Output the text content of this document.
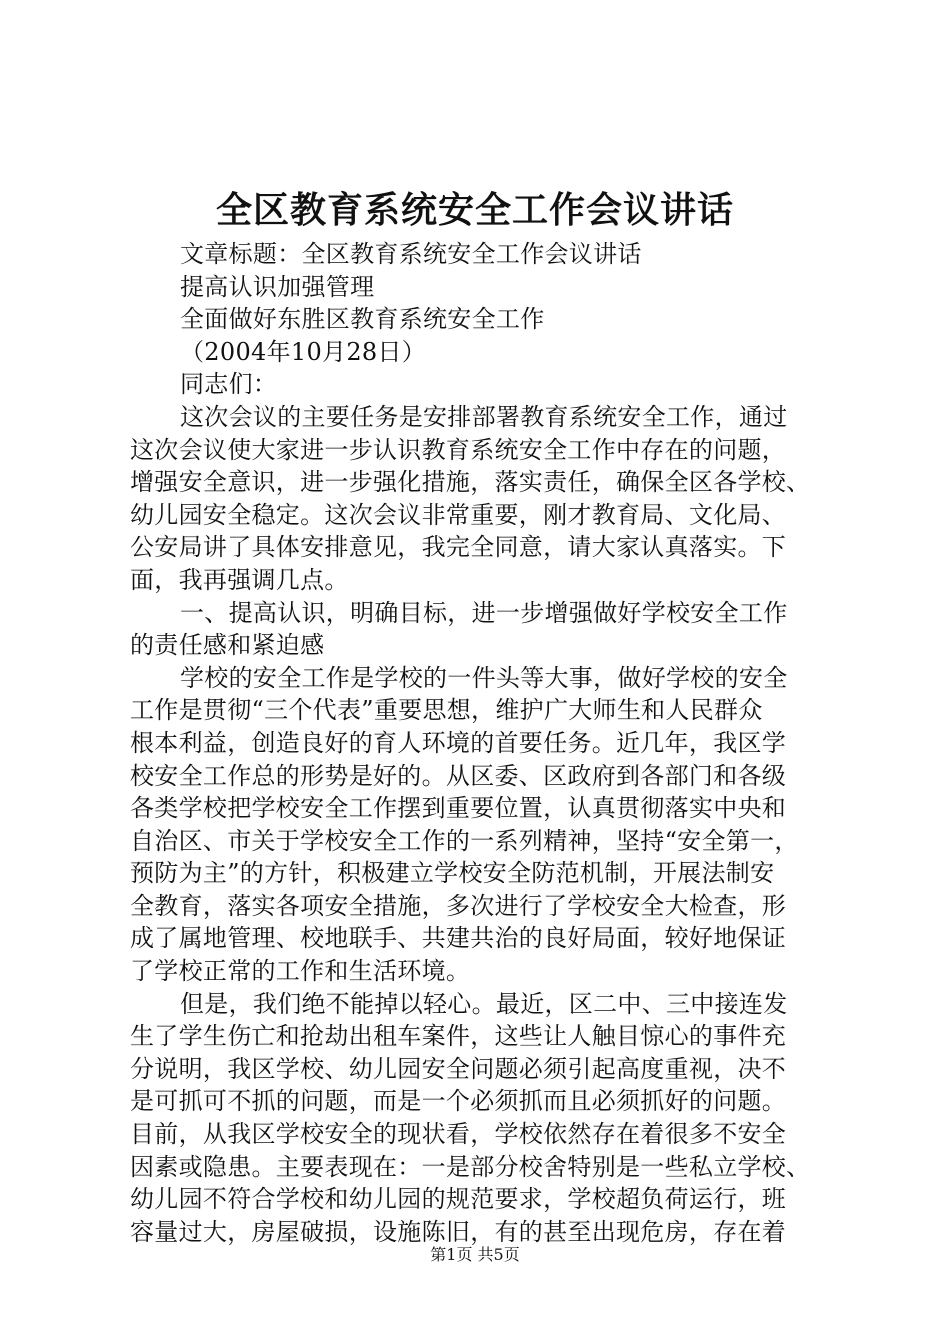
全区教育系统安全工作会议讲话

文章标题：全区教育系统安全工作会议讲话

提高认识加强管理

全面做好东胜区教育系统安全工作

（2004年10月28日）

同志们：

这次会议的主要任务是安排部署教育系统安全工作，通过

这次会议使大家进一步认识教育系统安全工作中存在的问题，

增强安全意识，进一步强化措施，落实责任，确保全区各学校、

幼儿园安全稳定。这次会议非常重要，刚才教育局、文化局、

公安局讲了具体安排意见，我完全同意，请大家认真落实。下

面，我再强调几点。

一、提高认识，明确目标，进一步增强做好学校安全工作

的责任感和紧迫感

学校的安全工作是学校的一件头等大事，做好学校的安全

工作是贯彻“三个代表”重要思想，维护广大师生和人民群众

根本利益，创造良好的育人环境的首要任务。近几年，我区学

校安全工作总的形势是好的。从区委、区政府到各部门和各级

各类学校把学校安全工作摆到重要位置，认真贯彻落实中央和

自治区、市关于学校安全工作的一系列精神，坚持“安全第一，

预防为主”的方针，积极建立学校安全防范机制，开展法制安

全教育，落实各项安全措施，多次进行了学校安全大检查，形

成了属地管理、校地联手、共建共治的良好局面，较好地保证

了学校正常的工作和生活环境。

但是，我们绝不能掉以轻心。最近，区二中、三中接连发

生了学生伤亡和抢劫出租车案件，这些让人触目惊心的事件充

分说明，我区学校、幼儿园安全问题必须引起高度重视，决不

是可抓可不抓的问题，而是一个必须抓而且必须抓好的问题。

目前，从我区学校安全的现状看，学校依然存在着很多不安全

因素或隐患。主要表现在：一是部分校舍特别是一些私立学校、

幼儿园不符合学校和幼儿园的规范要求，学校超负荷运行，班

容量过大，房屋破损，设施陈旧，有的甚至出现危房，存在着

第1页 共5页
